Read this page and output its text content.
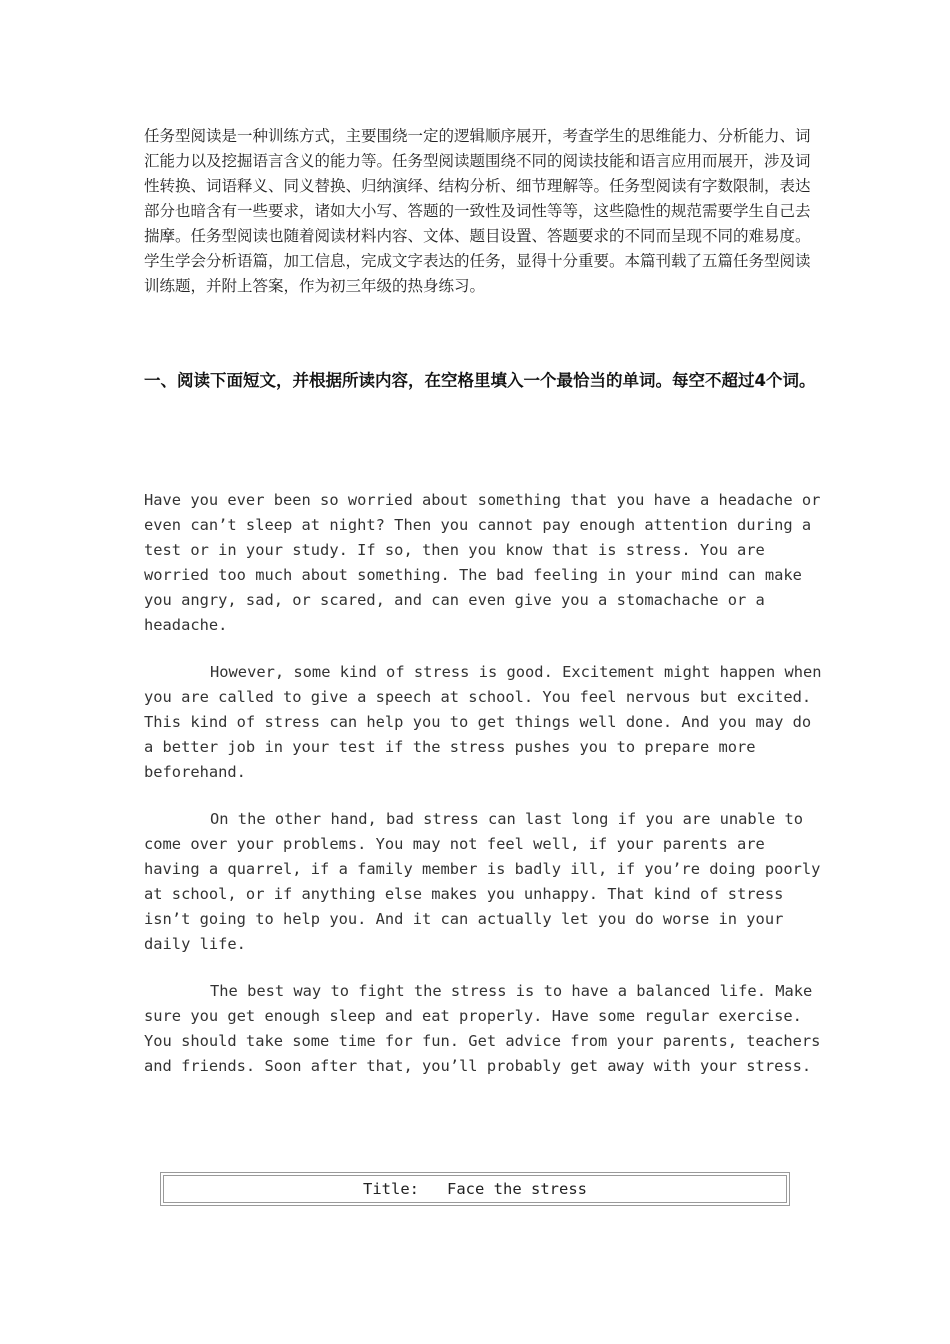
任务型阅读是一种训练方式，主要围绕一定的逻辑顺序展开，考查学生的思维能力、分析能力、词汇能力以及挖掘语言含义的能力等。任务型阅读题围绕不同的阅读技能和语言应用而展开，涉及词性转换、词语释义、同义替换、归纳演绎、结构分析、细节理解等。任务型阅读有字数限制，表达部分也暗含有一些要求，诸如大小写、答题的一致性及词性等等，这些隐性的规范需要学生自己去揣摩。任务型阅读也随着阅读材料内容、文体、题目设置、答题要求的不同而呈现不同的难易度。学生学会分析语篇，加工信息，完成文字表达的任务，显得十分重要。本篇刊载了五篇任务型阅读训练题，并附上答案，作为初三年级的热身练习。

一、阅读下面短文，并根据所读内容，在空格里填入一个最恰当的单词。每空不超过4个词。

Have you ever been so worried about something that you have a headache or even can’t sleep at night? Then you cannot pay enough attention during a test or in your study. If so, then you know that is stress. You are worried too much about something. The bad feeling in your mind can make you angry, sad, or scared, and can even give you a stomachache or a headache.

However, some kind of stress is good. Excitement might happen when you are called to give a speech at school. You feel nervous but excited. This kind of stress can help you to get things well done. And you may do a better job in your test if the stress pushes you to prepare more beforehand.

On the other hand, bad stress can last long if you are unable to come over your problems. You may not feel well, if your parents are having a quarrel, if a family member is badly ill, if you’re doing poorly at school, or if anything else makes you unhappy. That kind of stress isn’t going to help you. And it can actually let you do worse in your daily life.

The best way to fight the stress is to have a balanced life. Make sure you get enough sleep and eat properly. Have some regular exercise. You should take some time for fun. Get advice from your parents, teachers and friends. Soon after that, you’ll probably get away with your stress.

Title:   Face the stress
